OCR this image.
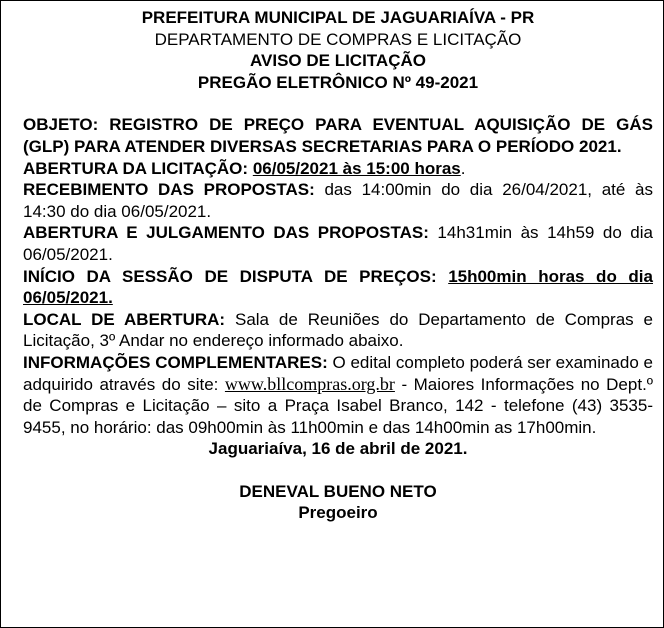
PREFEITURA MUNICIPAL DE JAGUARIAÍVA - PR

DEPARTAMENTO DE COMPRAS E LICITAÇÃO

AVISO DE LICITAÇÃO

PREGÃO ELETRÔNICO Nº 49-2021

OBJETO: REGISTRO DE PREÇO PARA EVENTUAL AQUISIÇÃO DE GÁS (GLP) PARA ATENDER DIVERSAS SECRETARIAS PARA O PERÍODO 2021.

ABERTURA DA LICITAÇÃO: 06/05/2021 às 15:00 horas.

RECEBIMENTO DAS PROPOSTAS: das 14:00min do dia 26/04/2021, até às 14:30 do dia 06/05/2021.

ABERTURA E JULGAMENTO DAS PROPOSTAS: 14h31min às 14h59 do dia 06/05/2021.

INÍCIO DA SESSÃO DE DISPUTA DE PREÇOS: 15h00min horas do dia 06/05/2021.

LOCAL DE ABERTURA: Sala de Reuniões do Departamento de Compras e Licitação, 3º Andar no endereço informado abaixo.

INFORMAÇÕES COMPLEMENTARES: O edital completo poderá ser examinado e adquirido através do site: www.bllcompras.org.br - Maiores Informações no Dept.º de Compras e Licitação – sito a Praça Isabel Branco, 142 - telefone (43) 3535-9455, no horário: das 09h00min às 11h00min e das 14h00min as 17h00min.

Jaguariaíva, 16 de abril de 2021.

DENEVAL BUENO NETO

Pregoeiro
